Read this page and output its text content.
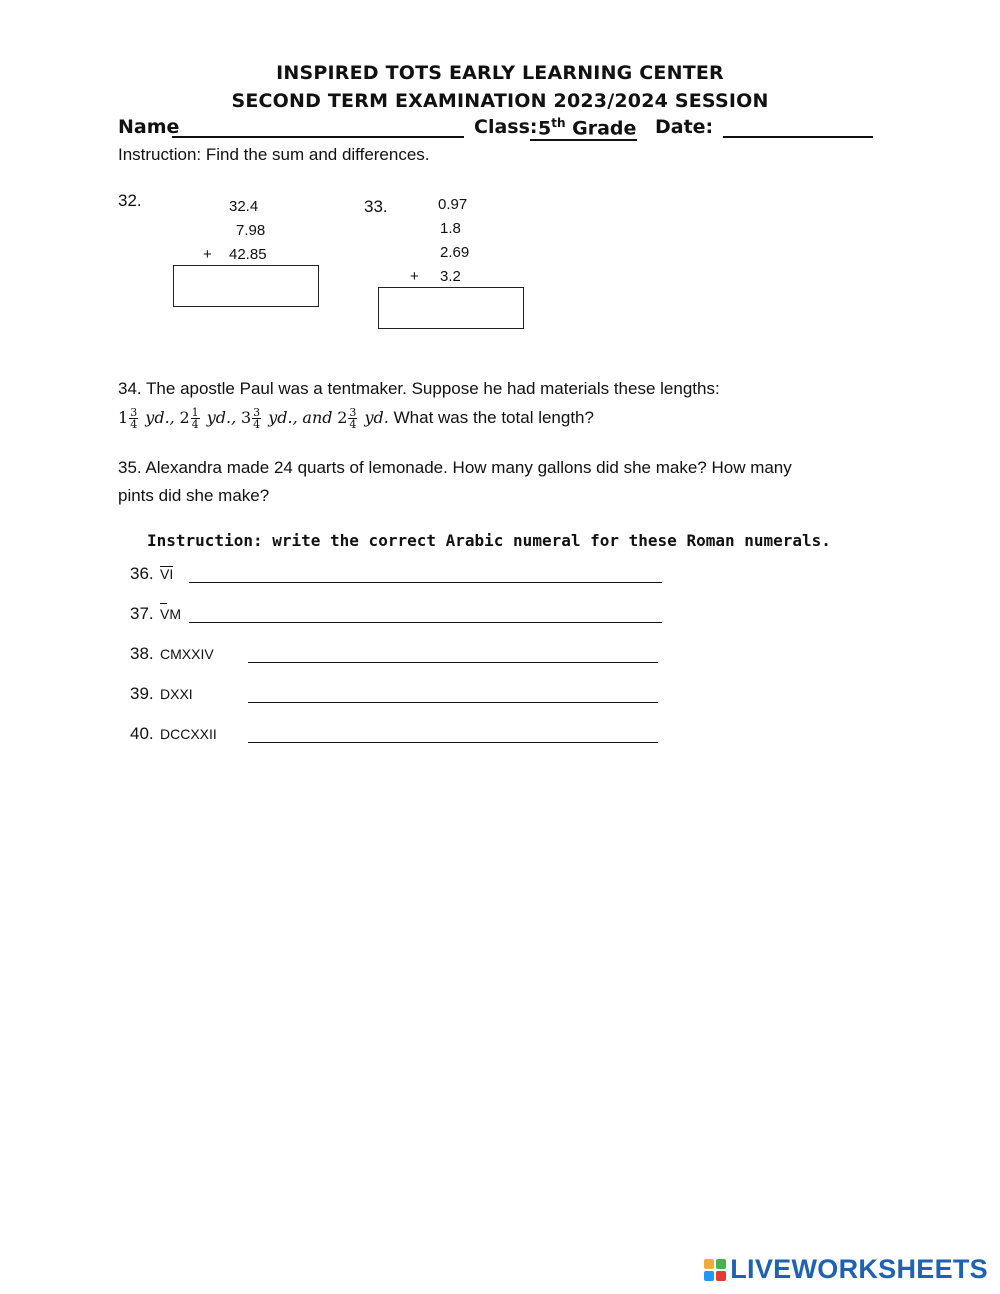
INSPIRED TOTS EARLY LEARNING CENTER
SECOND TERM EXAMINATION 2023/2024 SESSION
Name	Class: 5th Grade Date:
Instruction: Find the sum and differences.
32.	32.4
7.98
+ 42.85
33.	0.97
1.8
2.69
+ 3.2
34. The apostle Paul was a tentmaker. Suppose he had materials these lengths:
$1 \frac{3}{4}$ yd., $2 \frac{1}{4}$ yd., $3 \frac{3}{4}$ yd., and $2 \frac{3}{4}$ yd. What was the total length?
35. Alexandra made 24 quarts of lemonade. How many gallons did she make? How many
pints did she make?
Instruction: write the correct Arabic numeral for these Roman numerals.
36. VI
37. VM
38. CMXXIV
39. DXXI
40. DCCXXII
LIVEWORKSHEETS
